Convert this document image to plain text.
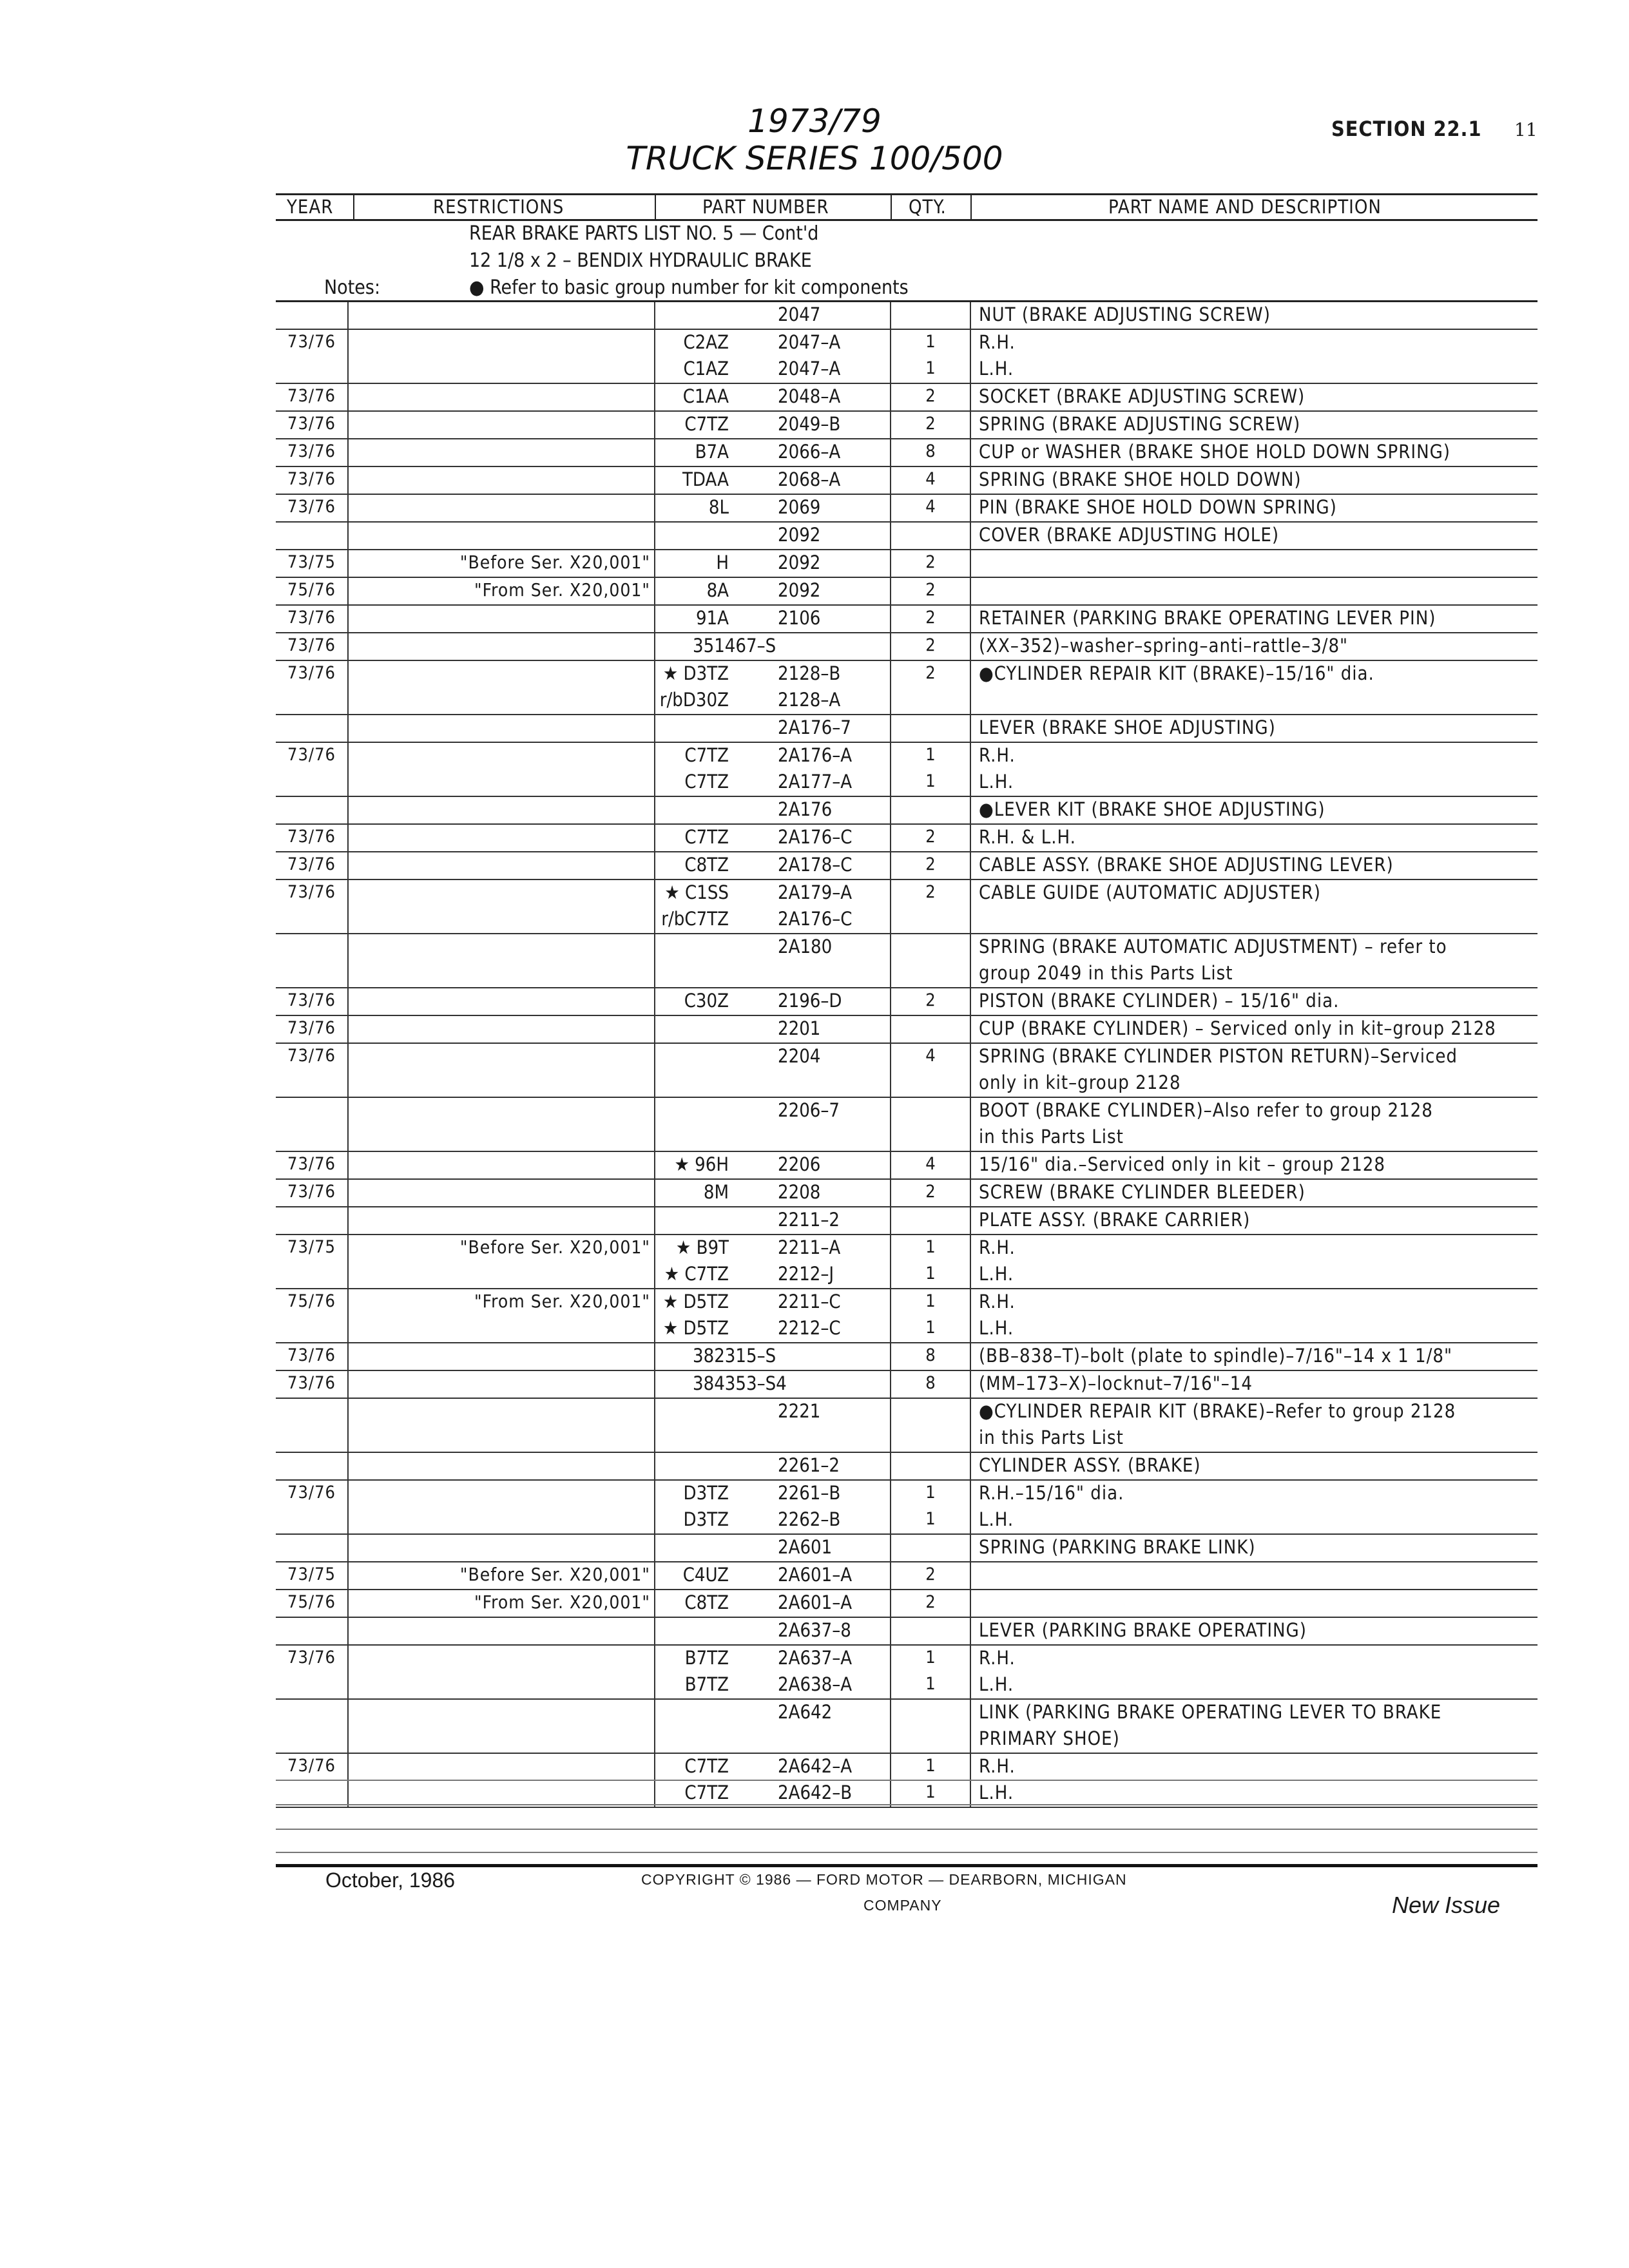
1973/79
TRUCK SERIES 100/500
SECTION 22.1 11
YEAR	RESTRICTIONS	PART NUMBER	QTY.	PART NAME AND DESCRIPTION
REAR BRAKE PARTS LIST NO. 5 — Cont'd
12 1/8 x 2 – BENDIX HYDRAULIC BRAKE
Notes:	● Refer to basic group number for kit components

		2047		NUT (BRAKE ADJUSTING SCREW)
73/76		C2AZ 2047–A	1	R.H.

		C1AZ 2047–A	1	L.H.
73/76		C1AA 2048–A	2	SOCKET (BRAKE ADJUSTING SCREW)
73/76		C7TZ 2049–B	2	SPRING (BRAKE ADJUSTING SCREW)
73/76		B7A 2066–A	8	CUP or WASHER (BRAKE SHOE HOLD DOWN SPRING)
73/76		TDAA 2068–A	4	SPRING (BRAKE SHOE HOLD DOWN)
73/76		8L 2069	4	PIN (BRAKE SHOE HOLD DOWN SPRING)

		2092		COVER (BRAKE ADJUSTING HOLE)
73/75	"Before Ser. X20,001"	H 2092	2	
75/76	"From Ser. X20,001"	8A 2092	2	
73/76		91A 2106	2	RETAINER (PARKING BRAKE OPERATING LEVER PIN)
73/76		351467–S	2	(XX–352)–washer–spring–anti–rattle–3/8"
73/76		★ D3TZ 2128–B	2	●CYLINDER REPAIR KIT (BRAKE)–15/16" dia.

		r/bD30Z 2128–A		

		2A176–7		LEVER (BRAKE SHOE ADJUSTING)
73/76		C7TZ 2A176–A	1	R.H.

		C7TZ 2A177–A	1	L.H.

		2A176		●LEVER KIT (BRAKE SHOE ADJUSTING)
73/76		C7TZ 2A176–C	2	R.H. & L.H.
73/76		C8TZ 2A178–C	2	CABLE ASSY. (BRAKE SHOE ADJUSTING LEVER)
73/76		★ C1SS 2A179–A	2	CABLE GUIDE (AUTOMATIC ADJUSTER)

		r/bC7TZ 2A176–C		

		2A180		SPRING (BRAKE AUTOMATIC ADJUSTMENT) – refer to

		group 2049 in this Parts List
73/76		C30Z 2196–D	2	PISTON (BRAKE CYLINDER) – 15/16" dia.
73/76		2201		CUP (BRAKE CYLINDER) – Serviced only in kit–group 2128
73/76		2204	4	SPRING (BRAKE CYLINDER PISTON RETURN)–Serviced

		only in kit–group 2128

		2206–7		BOOT (BRAKE CYLINDER)–Also refer to group 2128

		in this Parts List
73/76		★ 96H 2206	4	15/16" dia.–Serviced only in kit – group 2128
73/76		8M 2208	2	SCREW (BRAKE CYLINDER BLEEDER)

		2211–2		PLATE ASSY. (BRAKE CARRIER)
73/75	"Before Ser. X20,001"	★ B9T 2211–A	1	R.H.

		★ C7TZ 2212–J	1	L.H.
75/76	"From Ser. X20,001"	★ D5TZ 2211–C	1	R.H.

		★ D5TZ 2212–C	1	L.H.
73/76		382315–S	8	(BB–838–T)–bolt (plate to spindle)–7/16"–14 x 1 1/8"
73/76		384353–S4	8	(MM–173–X)–locknut–7/16"–14

		2221		●CYLINDER REPAIR KIT (BRAKE)–Refer to group 2128

		in this Parts List

		2261–2		CYLINDER ASSY. (BRAKE)
73/76		D3TZ 2261–B	1	R.H.–15/16" dia.

		D3TZ 2262–B	1	L.H.

		2A601		SPRING (PARKING BRAKE LINK)
73/75	"Before Ser. X20,001"	C4UZ 2A601–A	2	
75/76	"From Ser. X20,001"	C8TZ 2A601–A	2	

		2A637–8		LEVER (PARKING BRAKE OPERATING)
73/76		B7TZ 2A637–A	1	R.H.

		B7TZ 2A638–A	1	L.H.

		2A642		LINK (PARKING BRAKE OPERATING LEVER TO BRAKE

		PRIMARY SHOE)
73/76		C7TZ 2A642–A	1	R.H.

		C7TZ 2A642–B	1	L.H.
October, 1986	COPYRIGHT © 1986 — FORD MOTOR — DEARBORN, MICHIGAN
COMPANY	New Issue
